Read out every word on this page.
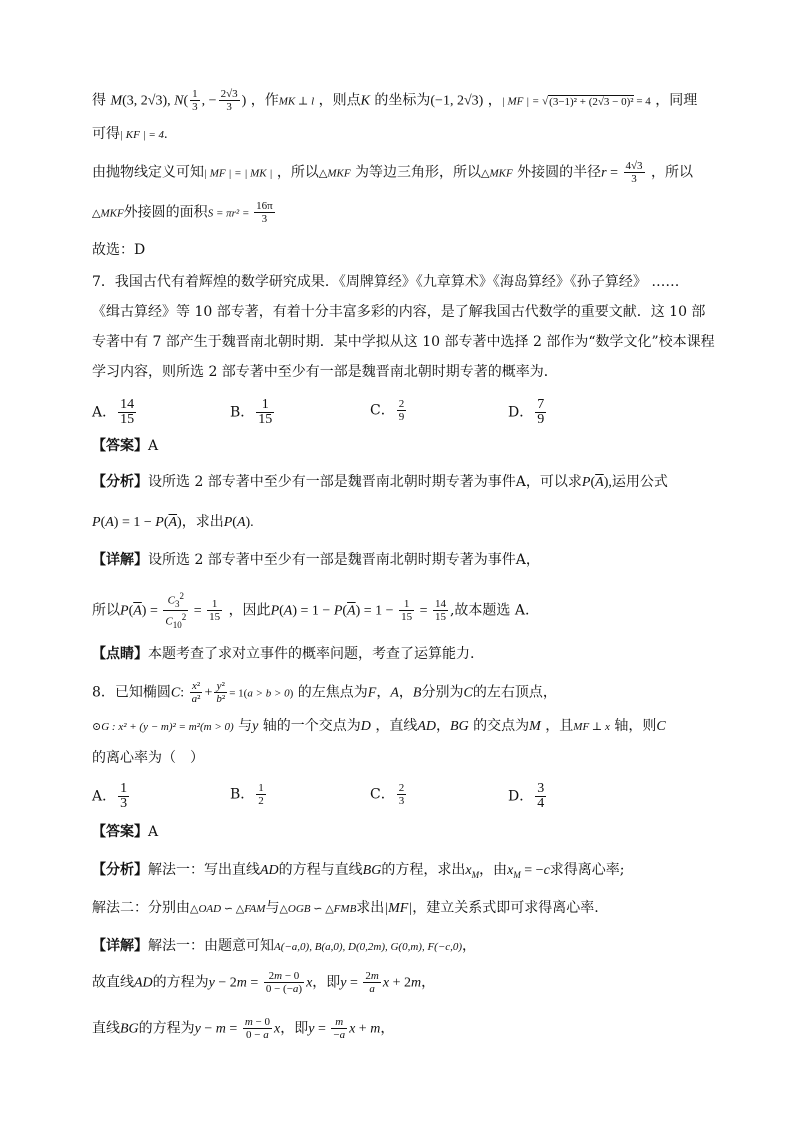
得 M(3, 2√3), $N( \frac{1}{3}$ , − $\frac{2√3}{3}$ ) ，作MK ⊥ l ，则点K 的坐标为(−1, 2√3) ，| MF | = √(3−1)² + (2√3 − 0)² = 4 ，同理
可得| KF | = 4.
由抛物线定义可知| MF | = | MK | ，所以△MKF 为等边三角形，所以△MKF 外接圆的半径$r = \frac{4√3}{3}$ ，所以
△MKF外接圆的面积$S = \pi r^2 = \frac{16\pi}{3}$
故选：D
7．我国古代有着辉煌的数学研究成果．《周牌算经》《九章算术》《海岛算经》《孙子算经》 ……
《缉古算经》等 10 部专著，有着十分丰富多彩的内容，是了解我国古代数学的重要文献．这 10 部
专著中有 7 部产生于魏晋南北朝时期．某中学拟从这 10 部专著中选择 2 部作为“数学文化”校本课程
学习内容，则所选 2 部专著中至少有一部是魏晋南北朝时期专著的概率为．
A． $\frac{14}{15}$	B． $\frac{1}{15}$	C． $\frac{2}{9}$	D． $\frac{7}{9}$
【答案】A
【分析】设所选 2 部专著中至少有一部是魏晋南北朝时期专著为事件A，可以求$P(\overline{A})$,运用公式
$P(A) = 1 - P(\overline{A})$，求出P(A).
【详解】设所选 2 部专著中至少有一部是魏晋南北朝时期专著为事件A，
所以$P(\overline{A}) = \frac{C_3^2}{C_{10}^2} = \frac{1}{15}$ ，因此$P(A) = 1 - P(\overline{A}) = 1 - \frac{1}{15} = \frac{14}{15}$ ,故本题选 A.
【点睛】本题考查了求对立事件的概率问题，考查了运算能力.
8．已知椭圆C: $\frac{\text{x²}}{\text{a²}} + \frac{\text{y²}}{\text{b²}} = 1(a > b > 0)$ 的左焦点为F，A，B分别为C的左右顶点，
⊙G : x² + (y − m)² = m²(m > 0) 与y 轴的一个交点为D ，直线AD，BG 的交点为M ，且MF ⊥ x 轴，则C
的离心率为（　）
A． $\frac{1}{3}$	B． $\frac{1}{2}$	C． $\frac{2}{3}$	D． $\frac{3}{4}$
【答案】A
【分析】解法一：写出直线AD的方程与直线BG的方程，求出$x_M$，由$x_M = -c$求得离心率;
解法二：分别由△OAD ∽ △FAM与△OGB ∽ △FMB求出|MF|，建立关系式即可求得离心率.
【详解】解法一：由题意可知A(−a,0), B(a,0), D(0,2m), G(0,m), F(−c,0)，
故直线AD的方程为$y - 2m = \frac{2m - 0}{0 - (-a)}$ x，即$y = \frac{2m}{a}$ x + 2m，
直线BG的方程为$y - m = \frac{m - 0}{0 - a}$ x，即$y = \frac{m}{-a}$ x + m，
